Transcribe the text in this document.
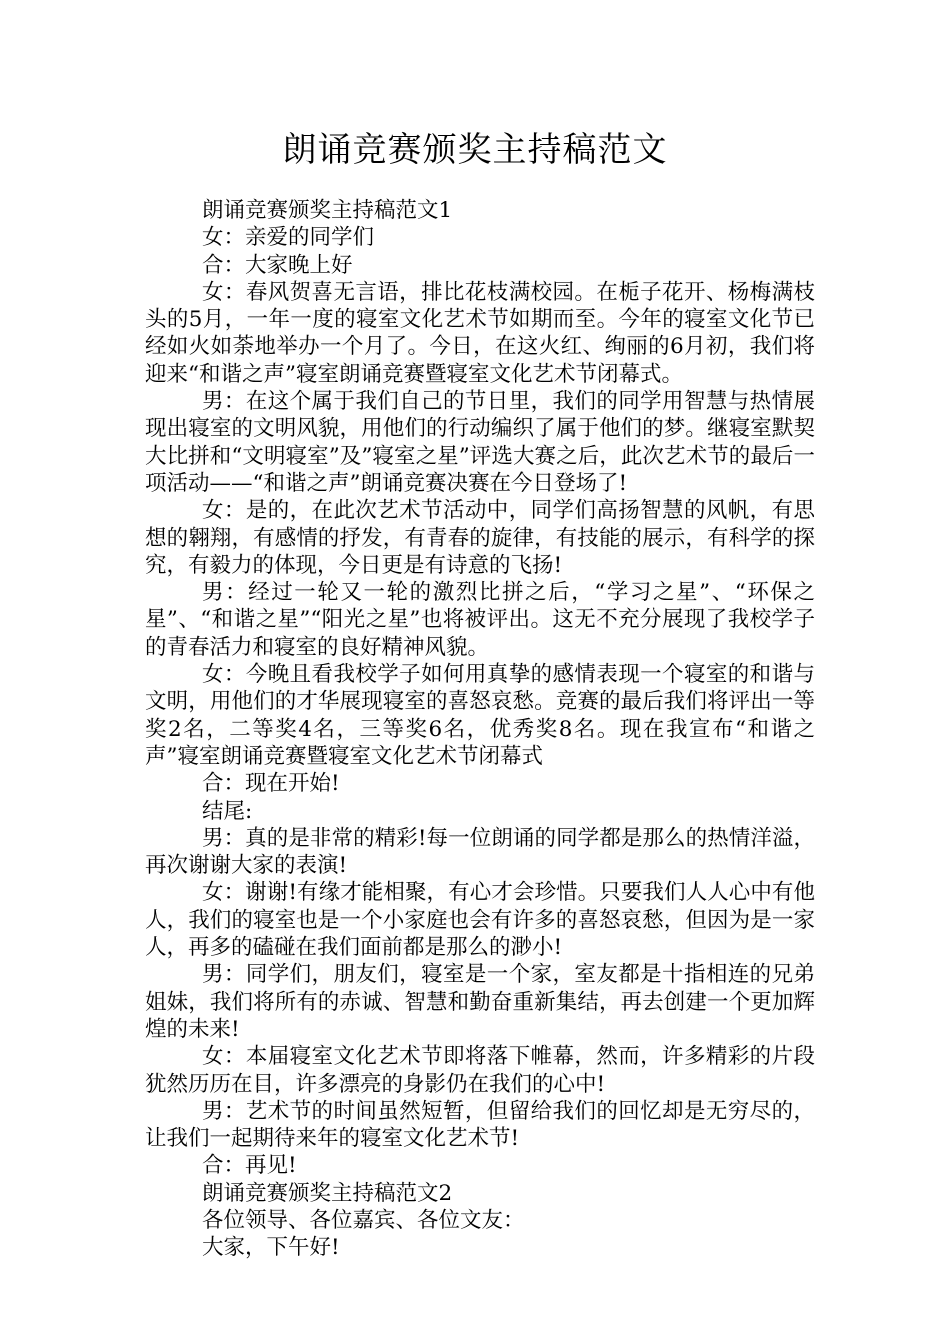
朗诵竞赛颁奖主持稿范文

朗诵竞赛颁奖主持稿范文1

女：亲爱的同学们

合：大家晚上好

女：春风贺喜无言语，排比花枝满校园。在栀子花开、杨梅满枝头的5月，一年一度的寝室文化艺术节如期而至。今年的寝室文化节已经如火如荼地举办一个月了。今日，在这火红、绚丽的6月初，我们将迎来“和谐之声”寝室朗诵竞赛暨寝室文化艺术节闭幕式。

男：在这个属于我们自己的节日里，我们的同学用智慧与热情展现出寝室的文明风貌，用他们的行动编织了属于他们的梦。继寝室默契大比拼和“文明寝室”及”寝室之星”评选大赛之后，此次艺术节的最后一项活动——“和谐之声”朗诵竞赛决赛在今日登场了!

女：是的，在此次艺术节活动中，同学们高扬智慧的风帆，有思想的翱翔，有感情的抒发，有青春的旋律，有技能的展示，有科学的探究，有毅力的体现，今日更是有诗意的飞扬!

男：经过一轮又一轮的激烈比拼之后，“学习之星”、“环保之星”、“和谐之星”“阳光之星”也将被评出。这无不充分展现了我校学子的青春活力和寝室的良好精神风貌。

女：今晚且看我校学子如何用真挚的感情表现一个寝室的和谐与文明，用他们的才华展现寝室的喜怒哀愁。竞赛的最后我们将评出一等奖2名，二等奖4名，三等奖6名，优秀奖8名。现在我宣布“和谐之声”寝室朗诵竞赛暨寝室文化艺术节闭幕式

合：现在开始!

结尾:

男：真的是非常的精彩!每一位朗诵的同学都是那么的热情洋溢，再次谢谢大家的表演!

女：谢谢!有缘才能相聚，有心才会珍惜。只要我们人人心中有他人，我们的寝室也是一个小家庭也会有许多的喜怒哀愁，但因为是一家人，再多的磕碰在我们面前都是那么的渺小!

男：同学们，朋友们，寝室是一个家，室友都是十指相连的兄弟姐妹，我们将所有的赤诚、智慧和勤奋重新集结，再去创建一个更加辉煌的未来!

女：本届寝室文化艺术节即将落下帷幕，然而，许多精彩的片段犹然历历在目，许多漂亮的身影仍在我们的心中!

男：艺术节的时间虽然短暂，但留给我们的回忆却是无穷尽的，让我们一起期待来年的寝室文化艺术节!

合：再见!

朗诵竞赛颁奖主持稿范文2

各位领导、各位嘉宾、各位文友：

大家，下午好!
